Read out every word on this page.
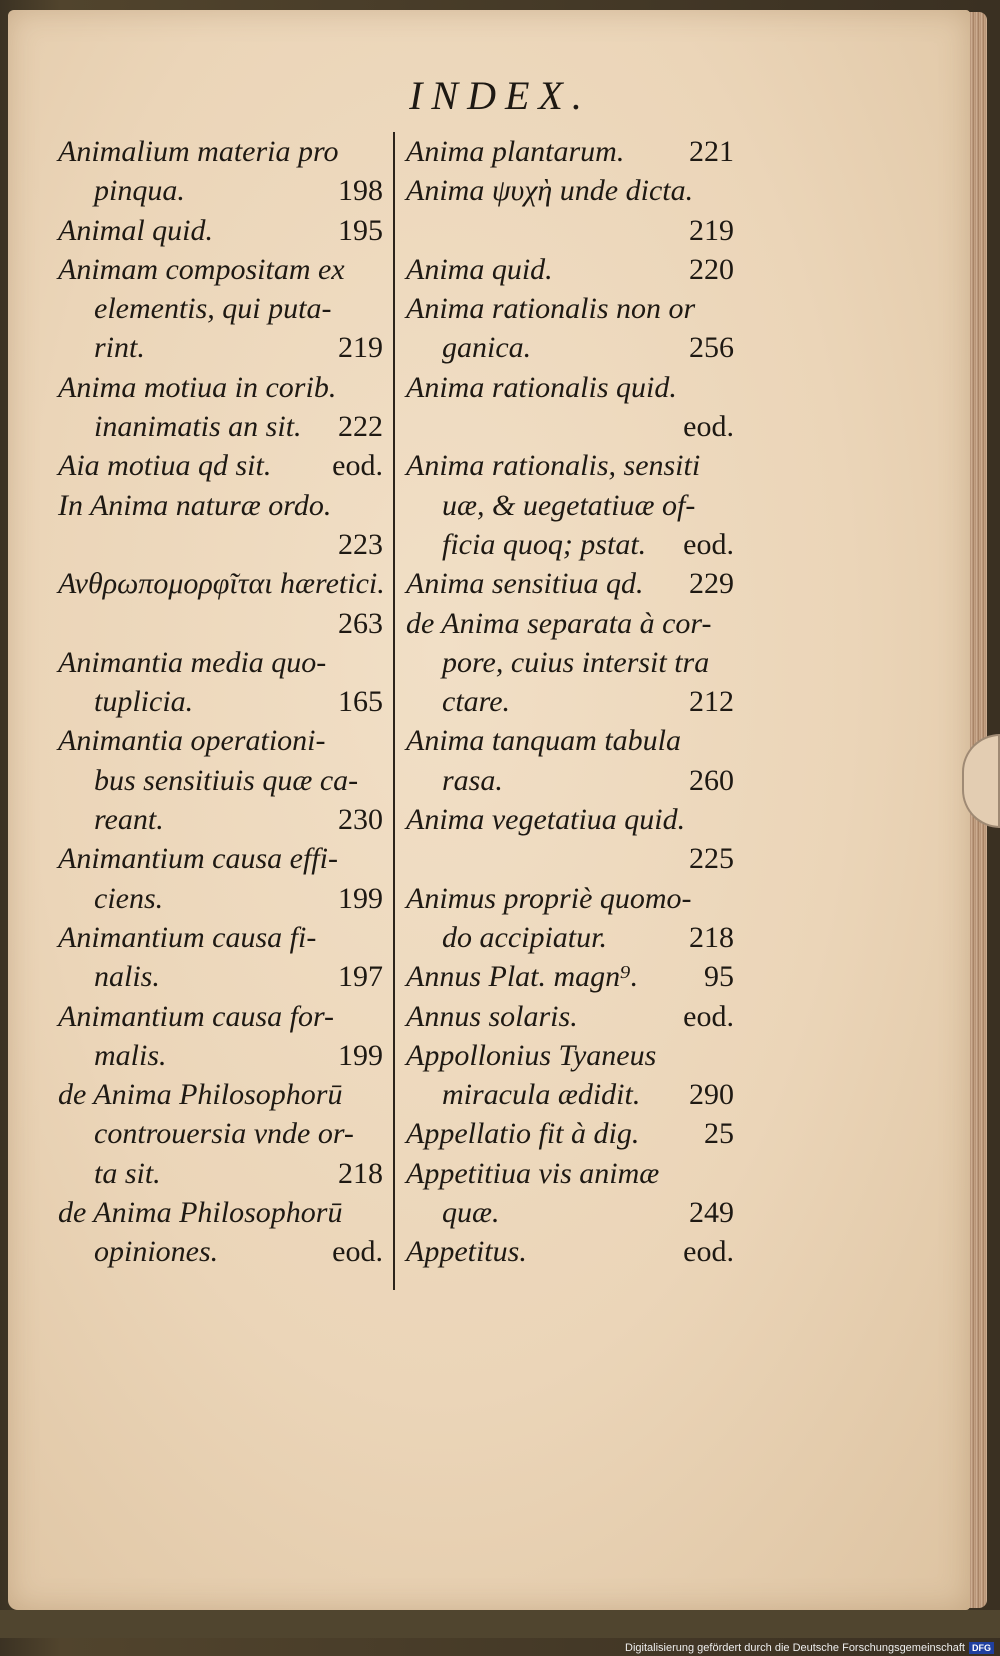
INDEX.
Animalium materia pro
pinqua.	198
Animal quid.	195
Animam compositam ex
elementis, qui puta-
rint.	219
Anima motiua in corib.
inanimatis an sit. 222
Aia motiua qd sit. eod.
In Anima naturæ ordo.
223
Ανθρωπομορφῖται hæretici.
263
Animantia media quo-
tuplicia.	165
Animantia operationi-
bus sensitiuis quæ ca-
reant.	230
Animantium causa effi-
ciens.	199
Animantium causa fi-
nalis.	197
Animantium causa for-
malis.	199
de Anima Philosophorū
controuersia vnde or-
ta sit.	218
de Anima Philosophorū
opiniones.	eod.
Anima plantarum. 221
Anima ψυχὴ unde dicta.
219
Anima quid.	220
Anima rationalis non or
ganica.	256
Anima rationalis quid.
eod.
Anima rationalis, sensiti
uæ, & uegetatiuæ of-
ficia quoq; pstat. eod.
Anima sensitiua qd. 229
de Anima separata à cor-
pore, cuius intersit tra
ctare.	212
Anima tanquam tabula
rasa.	260
Anima vegetatiua quid.
225
Animus propriè quomo-
do accipiatur.	218
Annus Plat. magn⁹. 95
Annus solaris.	eod.
Appollonius Tyaneus
miracula ædidit. 290
Appellatio fit à dig. 25
Appetitiua vis animæ
quæ.	249
Appetitus.	eod.
Digitalisierung gefördert durch die Deutsche Forschungsgemeinschaft DFG
